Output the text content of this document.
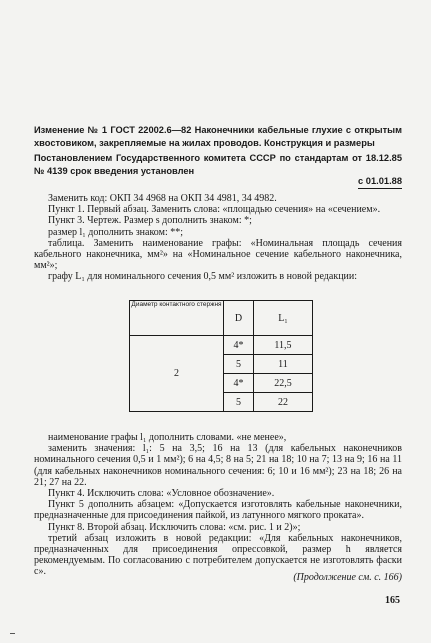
Изменение № 1 ГОСТ 22002.6—82 Наконечники кабельные глухие с открытым хвостовиком, закрепляемые на жилах проводов. Конструкция и размеры
Постановлением Государственного комитета СССР по стандартам от 18.12.85 № 4139 срок введения установлен
с 01.01.88

Заменить код: ОКП 34 4968 на ОКП 34 4981, 34 4982.

Пункт 1. Первый абзац. Заменить слова: «площадью сечения» на «сечением».

Пункт 3. Чертеж. Размер s дополнить знаком: *;

размер l₁ дополнить знаком: **;

таблица. Заменить наименование графы: «Номинальная площадь сечения кабельного наконечника, мм²» на «Номинальное сечение кабельного наконечника, мм²»;

графу L₁ для номинального сечения 0,5 мм² изложить в новой редакции:

Диаметр контактного стержня	D	L₁
2	4*	11,5
	5	11
	4*	22,5
	5	22

наименование графы l₁ дополнить словами. «не менее»,

заменить значения: l₁: 5 на 3,5; 16 на 13 (для кабельных наконечников номинального сечения 0,5 и 1 мм²); 6 на 4,5; 8 на 5; 21 на 18; 10 на 7; 13 на 9; 16 на 11 (для кабельных наконечников номинального сечения: 6; 10 и 16 мм²); 23 на 18; 26 на 21; 27 на 22.

Пункт 4. Исключить слова: «Условное обозначение».

Пункт 5 дополнить абзацем: «Допускается изготовлять кабельные наконечники, предназначенные для присоединения пайкой, из латунного мягкого проката».

Пункт 8. Второй абзац. Исключить слова: «см. рис. 1 и 2)»;

третий абзац изложить в новой редакции: «Для кабельных наконечников, предназначенных для присоединения опрессовкой, размер h является рекомендуемым. По согласованию с потребителем допускается не изготовлять фаски с».

(Продолжение см. с. 166)
165
